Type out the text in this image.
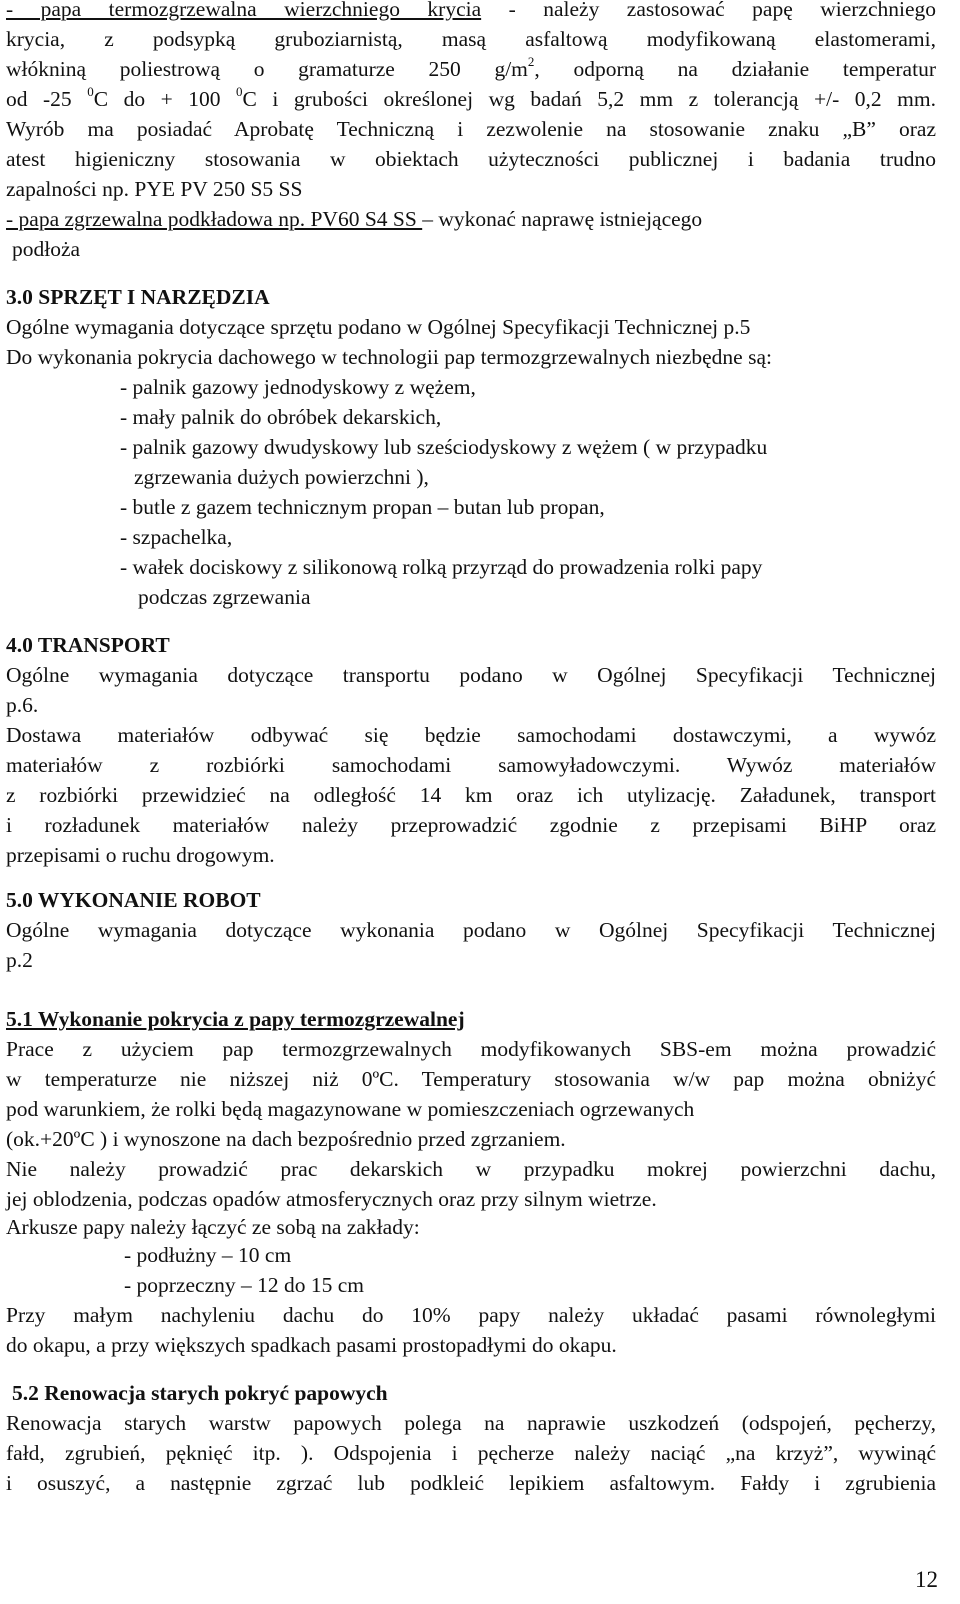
- papa termozgrzewalna wierzchniego krycia - należy zastosować papę wierzchniego
krycia, z podsypką gruboziarnistą, masą asfaltową modyfikowaną elastomerami,
włókniną poliestrową o gramaturze 250 $g/m^2$, odporną na działanie temperatur
od -25 $^0$C do + 100 $^0$C i grubości określonej wg badań 5,2 mm z tolerancją +/- 0,2 mm.
Wyrób ma posiadać Aprobatę Techniczną i zezwolenie na stosowanie znaku „B” oraz
atest higieniczny stosowania w obiektach użyteczności publicznej i badania trudno
zapalności np. PYE PV 250 S5 SS
- papa zgrzewalna podkładowa np. PV60 S4 SS – wykonać naprawę istniejącego
podłoża
3.0 SPRZĘT I NARZĘDZIA
Ogólne wymagania dotyczące sprzętu podano w Ogólnej Specyfikacji Technicznej p.5
Do wykonania pokrycia dachowego w technologii pap termozgrzewalnych niezbędne są:
- palnik gazowy jednodyskowy z wężem,
- mały palnik do obróbek dekarskich,
- palnik gazowy dwudyskowy lub sześciodyskowy z wężem ( w przypadku
zgrzewania dużych powierzchni ),
- butle z gazem technicznym propan – butan lub propan,
- szpachelka,
- wałek dociskowy z silikonową rolką przyrząd do prowadzenia rolki papy
podczas zgrzewania
4.0 TRANSPORT
Ogólne wymagania dotyczące transportu podano w Ogólnej Specyfikacji Technicznej
p.6.
Dostawa materiałów odbywać się będzie samochodami dostawczymi, a wywóz
materiałów z rozbiórki samochodami samowyładowczymi. Wywóz materiałów
z rozbiórki przewidzieć na odległość 14 km oraz ich utylizację. Załadunek, transport
i rozładunek materiałów należy przeprowadzić zgodnie z przepisami BiHP oraz
przepisami o ruchu drogowym.
5.0 WYKONANIE ROBOT
Ogólne wymagania dotyczące wykonania podano w Ogólnej Specyfikacji Technicznej
p.2
5.1 Wykonanie pokrycia z papy termozgrzewalnej
Prace z użyciem pap termozgrzewalnych modyfikowanych SBS-em można prowadzić
w temperaturze nie niższej niż 0ºC. Temperatury stosowania w/w pap można obniżyć
pod warunkiem, że rolki będą magazynowane w pomieszczeniach ogrzewanych
(ok.+20ºC ) i wynoszone na dach bezpośrednio przed zgrzaniem.
Nie należy prowadzić prac dekarskich w przypadku mokrej powierzchni dachu,
jej oblodzenia, podczas opadów atmosferycznych oraz przy silnym wietrze.
Arkusze papy należy łączyć ze sobą na zakłady:
- podłużny – 10 cm
- poprzeczny – 12 do 15 cm
Przy małym nachyleniu dachu do 10% papy należy układać pasami równoległymi
do okapu, a przy większych spadkach pasami prostopadłymi do okapu.
5.2 Renowacja starych pokryć papowych
Renowacja starych warstw papowych polega na naprawie uszkodzeń (odspojeń, pęcherzy,
fałd, zgrubień, pęknięć itp. ). Odspojenia i pęcherze należy naciąć „na krzyż”, wywinąć
i osuszyć, a następnie zgrzać lub podkleić lepikiem asfaltowym. Fałdy i zgrubienia
12
